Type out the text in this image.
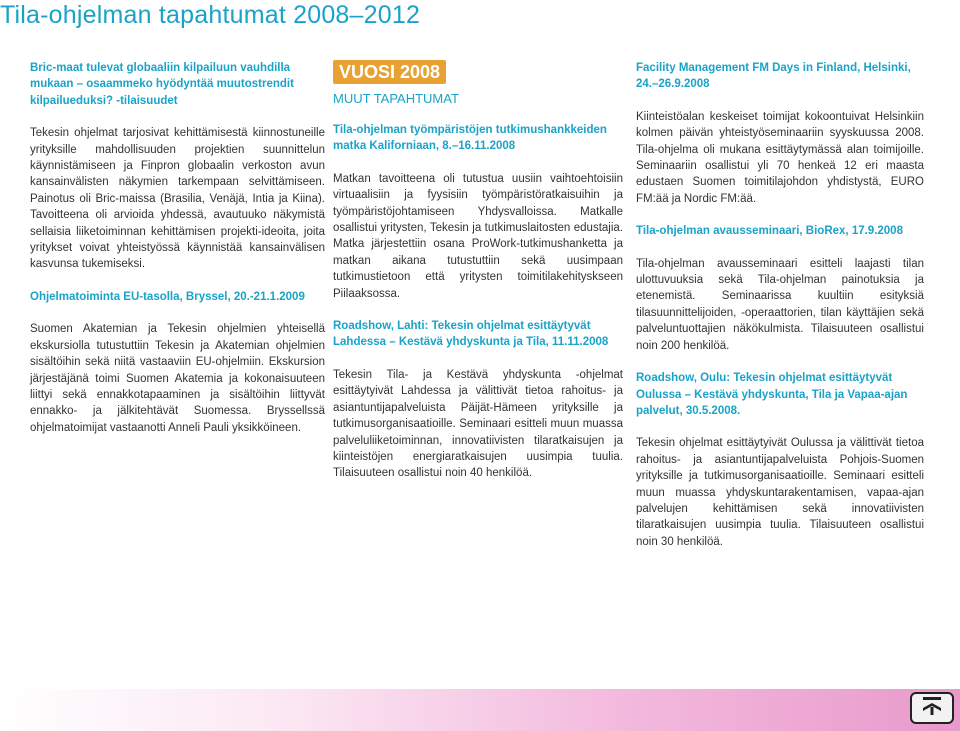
Tila-ohjelman tapahtumat 2008–2012
Bric-maat tulevat globaaliin kilpailuun vauhdilla mukaan – osaammeko hyödyntää muutostrendit kilpailueduksi? -tilaisuudet

Tekesin ohjelmat tarjosivat kehittämisestä kiinnostuneille yrityksille mahdollisuuden projektien suunnittelun käynnistämiseen ja Finpron globaalin verkoston avun kansainvälisten näkymien tarkempaan selvittämiseen. Painotus oli Bric-maissa (Brasilia, Venäjä, Intia ja Kiina). Tavoitteena oli arvioida yhdessä, avautuuko näkymistä sellaisia liiketoiminnan kehittämisen projekti-ideoita, joita yritykset voivat yhteistyössä käynnistää kansainvälisen kasvunsa tukemiseksi.

Ohjelmatoiminta EU-tasolla, Bryssel, 20.-21.1.2009

Suomen Akatemian ja Tekesin ohjelmien yhteisellä ekskursiolla tutustuttiin Tekesin ja Akatemian ohjelmien sisältöihin sekä niitä vastaaviin EU-ohjelmiin. Ekskursion järjestäjänä toimi Suomen Akatemia ja kokonaisuuteen liittyi sekä ennakkotapaaminen ja sisältöihin liittyvät ennakko- ja jälkitehtävät Suomessa. Bryssellssä ohjelmatoimijat vastaanotti Anneli Pauli yksikköineen.

VUOSI 2008
MUUT TAPAHTUMAT
Tila-ohjelman työmpäristöjen tutkimushankkeiden matka Kaliforniaan, 8.–16.11.2008

Matkan tavoitteena oli tutustua uusiin vaihtoehtoisiin virtuaalisiin ja fyysisiin työmpäristöratkaisuihin ja työmpäristöjohtamiseen Yhdysvalloissa. Matkalle osallistui yritysten, Tekesin ja tutkimuslaitosten edustajia. Matka järjestettiin osana ProWork-tutkimushanketta ja matkan aikana tutustuttiin sekä uusimpaan tutkimustietoon että yritysten toimitilakehityskseen Piilaaksossa.

Roadshow, Lahti: Tekesin ohjelmat esittäytyvät Lahdessa – Kestävä yhdyskunta ja Tila, 11.11.2008

Tekesin Tila- ja Kestävä yhdyskunta -ohjelmat esittäytyivät Lahdessa ja välittivät tietoa rahoitus- ja asiantuntijapalveluista Päijät-Hämeen yrityksille ja tutkimusorganisaatioille. Seminaari esitteli muun muassa palveluliiketoiminnan, innovatiivisten tilaratkaisujen ja kiinteistöjen energiaratkaisujen uusimpia tuulia. Tilaisuuteen osallistui noin 40 henkilöä.

Facility Management FM Days in Finland, Helsinki, 24.–26.9.2008

Kiinteistöalan keskeiset toimijat kokoontuivat Helsinkiin kolmen päivän yhteistyöseminaariin syyskuussa 2008. Tila-ohjelma oli mukana esittäytymässä alan toimijoille. Seminaariin osallistui yli 70 henkeä 12 eri maasta edustaen Suomen toimitilajohdon yhdistystä, EURO FM:ää ja Nordic FM:ää.

Tila-ohjelman avausseminaari, BioRex, 17.9.2008

Tila-ohjelman avausseminaari esitteli laajasti tilan ulottuvuuksia sekä Tila-ohjelman painotuksia ja etenemistä. Seminaarissa kuultiin esityksiä tilasuunnittelijoiden, -operaattorien, tilan käyttäjien sekä palveluntuottajien näkökulmista. Tilaisuuteen osallistui noin 200 henkilöä.

Roadshow, Oulu: Tekesin ohjelmat esittäytyvät Oulussa – Kestävä yhdyskunta, Tila ja Vapaa-ajan palvelut, 30.5.2008.

Tekesin ohjelmat esittäytyivät Oulussa ja välittivät tietoa rahoitus- ja asiantuntijapalveluista Pohjois-Suomen yrityksille ja tutkimusorganisaatioille. Seminaari esitteli muun muassa yhdyskuntarakentamisen, vapaa-ajan palvelujen kehittämisen sekä innovatiivisten tilaratkaisujen uusimpia tuulia. Tilaisuuteen osallistui noin 30 henkilöä.
